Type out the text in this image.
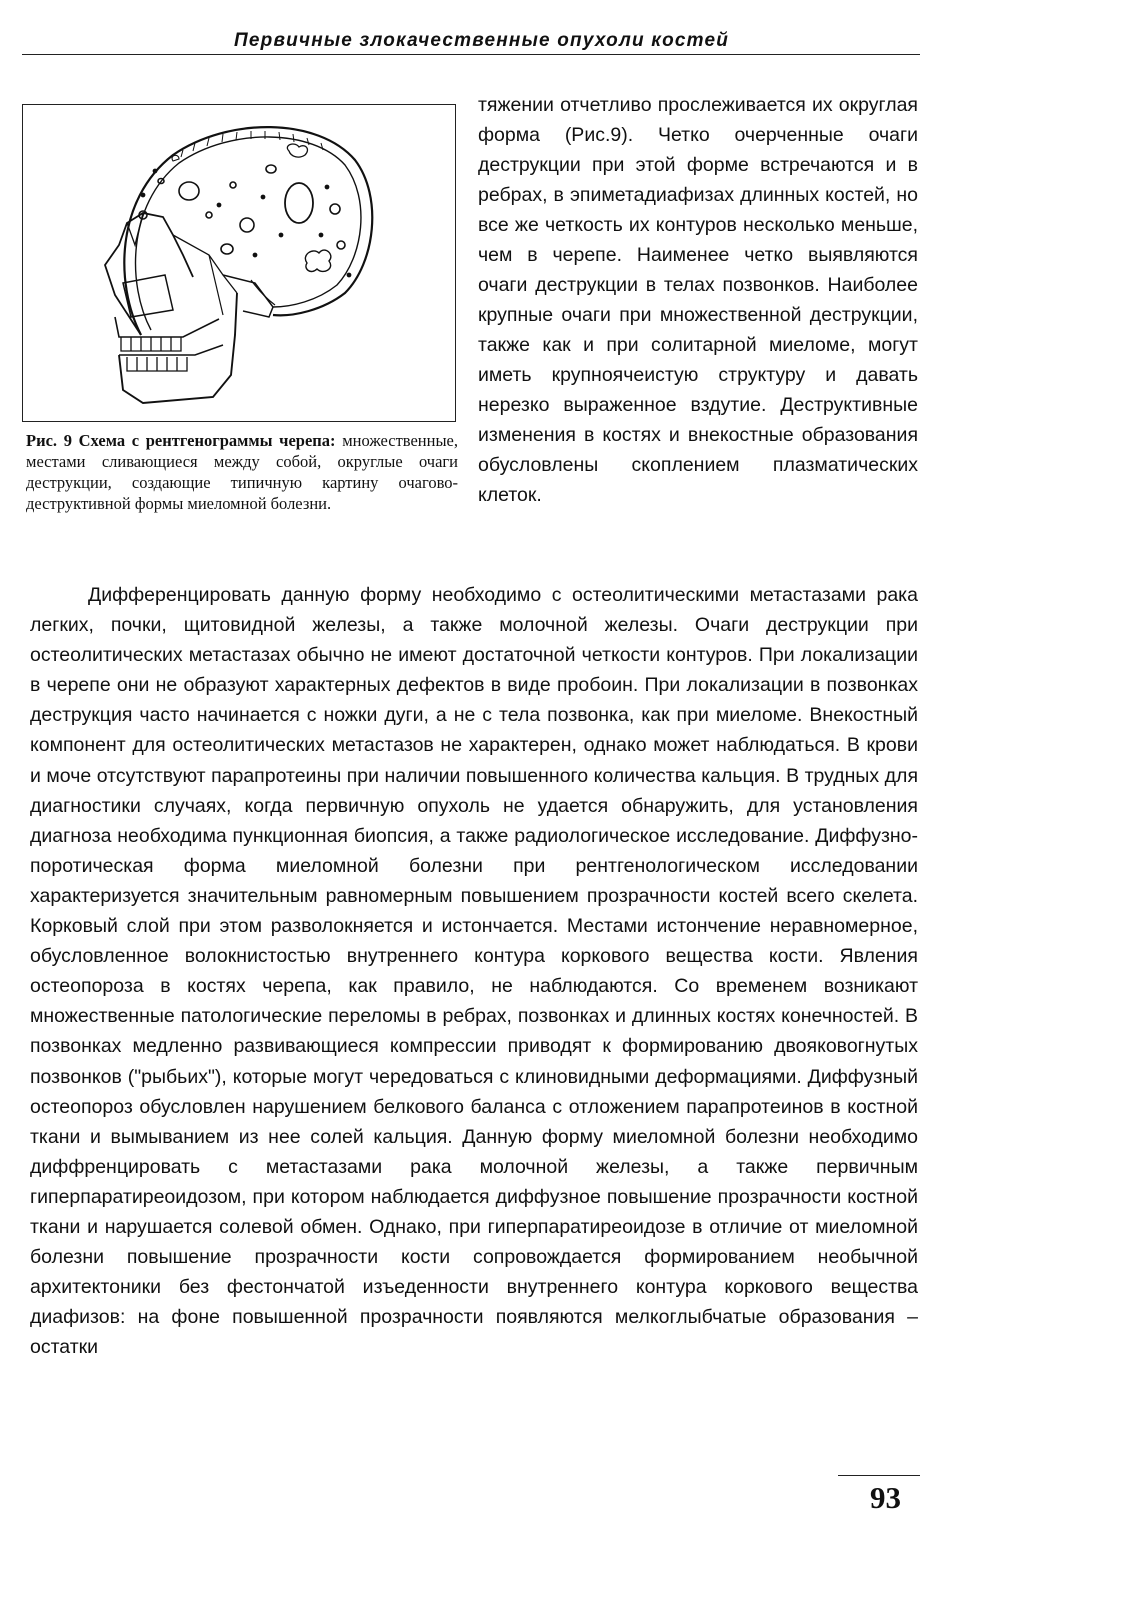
Первичные злокачественные опухоли костей
Рис. 9 Схема с рентгенограммы черепа: множественные, местами сливающиеся между собой, округлые очаги деструкции, создающие типичную картину очагово-деструктивной формы миеломной болезни.
тяжении отчетливо прослеживается их округлая форма (Рис.9). Четко очерченные очаги деструкции при этой форме встречаются и в ребрах, в эпиметадиафизах длинных костей, но все же четкость их контуров несколько меньше, чем в черепе. Наименее четко выявляются очаги деструкции в телах позвонков. Наиболее крупные очаги при множественной деструкции, также как и при солитарной миеломе, могут иметь крупноячеистую структуру и давать нерезко выраженное вздутие. Деструктивные изменения в костях и внекостные образования обусловлены скоплением плазматических клеток.
Дифференцировать данную форму необходимо с остеолитическими метастазами рака легких, почки, щитовидной железы, а также молочной железы. Очаги деструкции при остеолитических метастазах обычно не имеют достаточной четкости контуров. При локализации в черепе они не образуют характерных дефектов в виде пробоин. При локализации в позвонках деструкция часто начинается с ножки дуги, а не с тела позвонка, как при миеломе. Внекостный компонент для остеолитических метастазов не характерен, однако может наблюдаться. В крови и моче отсутствуют парапротеины при наличии повышенного количества кальция. В трудных для диагностики случаях, когда первичную опухоль не удается обнаружить, для установления диагноза необходима пункционная биопсия, а также радиологическое исследование. Диффузно-поротическая форма миеломной болезни при рентгенологическом исследовании характеризуется значительным равномерным повышением прозрачности костей всего скелета. Корковый слой при этом разволокняется и истончается. Местами истончение неравномерное, обусловленное волокнистостью внутреннего контура коркового вещества кости. Явления остеопороза в костях черепа, как правило, не наблюдаются. Со временем возникают множественные патологические переломы в ребрах, позвонках и длинных костях конечностей. В позвонках медленно развивающиеся компрессии приводят к формированию двояковогнутых позвонков ("рыбьих"), которые могут чередоваться с клиновидными деформациями. Диффузный остеопороз обусловлен нарушением белкового баланса с отложением парапротеинов в костной ткани и вымыванием из нее солей кальция. Данную форму миеломной болезни необходимо диффренцировать с метастазами рака молочной железы, а также первичным гиперпаратиреоидозом, при котором наблюдается диффузное повышение прозрачности костной ткани и нарушается солевой обмен. Однако, при гиперпаратиреоидозе в отличие от миеломной болезни повышение прозрачности кости сопровождается формированием необычной архитектоники без фестончатой изъеденности внутреннего контура коркового вещества диафизов: на фоне повышенной прозрачности появляются мелкоглыбчатые образования – остатки
93
